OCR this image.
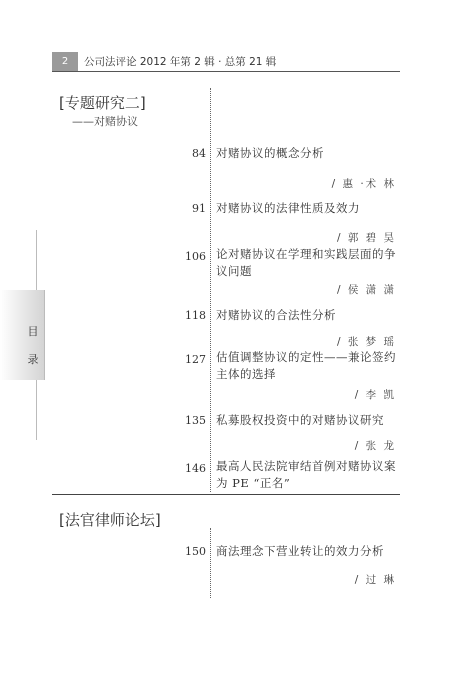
2	公司法评论 2012 年第 2 辑 · 总第 21 辑
目
录
[专题研究二]
——对赌协议
84 对赌协议的概念分析
/ 惠 ·术 林
91 对赌协议的法律性质及效力
/ 郭 碧 昊
106 论对赌协议在学理和实践层面的争议问题
/ 侯 潇 潇
118 对赌协议的合法性分析
/ 张 梦 瑶
127 估值调整协议的定性——兼论签约主体的选择
/ 李 凯
135 私募股权投资中的对赌协议研究
/ 张 龙
146 最高人民法院审结首例对赌协议案为 PE “正名”
[法官律师论坛]
150 商法理念下营业转让的效力分析
/ 过 琳
